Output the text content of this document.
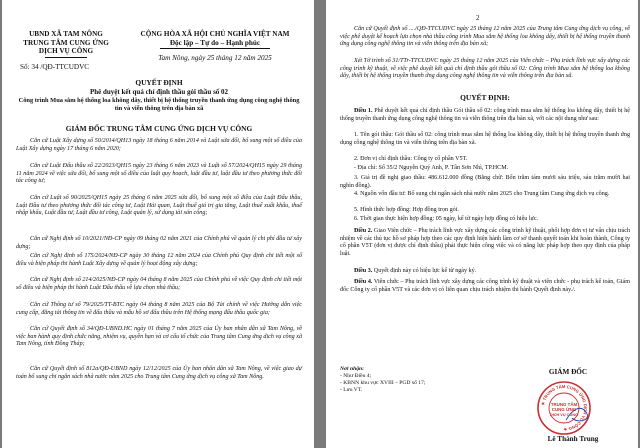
UBND XÃ TAM NÔNG
TRUNG TÂM CUNG ỨNG
DỊCH VỤ CÔNG
Số: 34 /QĐ-TTCUDVC
CỘNG HÒA XÃ HỘI CHỦ NGHĨA VIỆT NAM
Độc lập – Tự do – Hạnh phúc
Tam Nông, ngày 25 tháng 12 năm 2025
QUYẾT ĐỊNH
Phê duyệt kết quả chỉ định thầu gói thầu số 02
Công trình Mua sắm hệ thống loa không dây, thiết bị hệ thống truyền thanh ứng dụng công nghệ thông tin và viễn thông trên địa bàn xã
GIÁM ĐỐC TRUNG TÂM CUNG ỨNG DỊCH VỤ CÔNG

Căn cứ Luật Xây dựng số 50/2014/QH13 ngày 18 tháng 6 năm 2014 và Luật sửa đổi, bổ sung một số điều của Luật Xây dựng ngày 17 tháng 6 năm 2020;

Căn cứ Luật Đấu thầu số 22/2023/QH15 ngày 23 tháng 6 năm 2023 và Luật số 57/2024/QH15 ngày 29 tháng 11 năm 2024 về việc sửa đổi, bổ sung một số điều của luật quy hoạch, luật đầu tư, luật đầu tư theo phương thức đối tác công tư;

Căn cứ Luật số 90/2025/QH15 ngày 25 tháng 6 năm 2025 sửa đổi, bổ sung một số điều của Luật Đấu thầu, Luật Đầu tư theo phương thức đối tác công tư, Luật Hải quan, Luật thuế giá trị gia tăng, Luật thuế xuất khẩu, thuế nhập khẩu, Luật đầu tư, Luật đầu tư công, Luật quản lý, sử dụng tài sản công;

Căn cứ Nghị định số 10/2021/NĐ-CP ngày 09 tháng 02 năm 2021 của Chính phủ về quản lý chi phí đầu tư xây dựng;

Căn cứ Nghị định số 175/2024/NĐ-CP ngày 30 tháng 12 năm 2024 của Chính phủ Quy định chi tiết một số điều và biện pháp thi hành Luật Xây dựng về quản lý hoạt động xây dựng;

Căn cứ Nghị định số 214/2025/NĐ-CP ngày 04 tháng 8 năm 2025 của Chính phủ về việc Quy định chi tiết một số điều và biện pháp thi hành Luật Đấu thầu về lựa chọn nhà thầu;

Căn cứ Thông tư số 79/2025/TT-BTC ngày 04 tháng 8 năm 2025 của Bộ Tài chính về việc Hướng dẫn việc cung cấp, đăng tải thông tin về đấu thầu và mẫu hồ sơ đấu thầu trên Hệ thống mạng đấu thầu quốc gia;

Căn cứ Quyết định số 34/QĐ-UBND.HC ngày 01 tháng 7 năm 2025 của Ủy ban nhân dân xã Tam Nông, về việc ban hành quy định chức năng, nhiệm vụ, quyền hạn và cơ cấu tổ chức của Trung tâm Cung ứng dịch vụ công xã Tam Nông, tỉnh Đồng Tháp;

Căn cứ Quyết định số 812a/QĐ-UBND ngày 12/12/2025 của Ủy ban nhân dân xã Tam Nông, về việc giao dự toán bổ sung chi ngân sách nhà nước năm 2025 cho Trung tâm Cung ứng dịch vụ công xã Tam Nông.

2

Căn cứ Quyết định số ..../QĐ-TTCUDVC ngày 25 tháng 12 năm 2025 của Trung tâm Cung ứng dịch vụ công, về việc phê duyệt kế hoạch lựa chọn nhà thầu công trình Mua sắm hệ thống loa không dây, thiết bị hệ thống truyền thanh ứng dụng công nghệ thông tin và viễn thông trên địa bàn xã;

Xét Tờ trình số 31/TTr-TTCUDVC ngày 25 tháng 12 năm 2025 của Viên chức – Phụ trách lĩnh vực xây dựng các công trình kỹ thuật, về việc phê duyệt kết quả chỉ định thầu gói thầu số 02: Công trình Mua sắm hệ thống loa không dây, thiết bị hệ thống truyền thanh ứng dụng công nghệ thông tin và viễn thông trên địa bàn xã.

QUYẾT ĐỊNH:

Điều 1. Phê duyệt kết quả chỉ định thầu Gói thầu số 02: công trình mua sắm hệ thống loa không dây, thiết bị hệ thống truyền thanh ứng dụng công nghệ thông tin và viễn thông trên địa bàn xã, với các nội dung như sau:

1. Tên gói thầu: Gói thầu số 02: công trình mua sắm hệ thống loa không dây, thiết bị hệ thống truyền thanh ứng dụng công nghệ thông tin và viễn thông trên địa bàn xã.

2. Đơn vị chỉ định thầu: Công ty cổ phần V5T.

- Địa chỉ: Số 35/2 Nguyễn Quý Anh, P. Tân Sơn Nhì, TP.HCM.

3. Giá trị đề nghị giao thầu: 486.612.000 đồng (Bằng chữ: Bốn trăm tám mươi sáu triệu, sáu trăm mười hai nghìn đồng).

4. Nguồn vốn đầu tư: Bổ sung chi ngân sách nhà nước năm 2025 cho Trung tâm Cung ứng dịch vụ công.

5. Hình thức hợp đồng: Hợp đồng trọn gói.

6. Thời gian thực hiện hợp đồng: 05 ngày, kể từ ngày hợp đồng có hiệu lực.

Điều 2. Giao Viên chức – Phụ trách lĩnh vực xây dựng các công trình kỹ thuật, phối hợp đơn vị tư vấn chịu trách nhiệm về các thủ tục hồ sơ pháp hợp theo các quy định hiện hành làm cơ sở thanh quyết toán khi hoàn thành, Công ty cổ phần V5T (đơn vị được chỉ định thầu) phải thực hiện công việc và có năng lực pháp hợp theo quy định của pháp luật.

Điều 3. Quyết định này có hiệu lực kể từ ngày ký.

Điều 4. Viên chức – Phụ trách lĩnh vực xây dựng các công trình kỹ thuật và viên chức - phụ trách kế toán, Giám đốc Công ty cổ phần V5T và các đơn vị có liên quan chịu trách nhiệm thi hành Quyết định này./.

Nơi nhận:
- Như Điều 4;
- KBNN khu vực XVIII – PGD số 17;
- Lưu VT.
GIÁM ĐỐC
★ TRUNG TÂM CUNG ỨNG DỊCH VỤ CÔNG ★
TRUNG TÂM
CUNG ỨNG
DỊCH VỤ CÔNG
Lê Thành Trung
